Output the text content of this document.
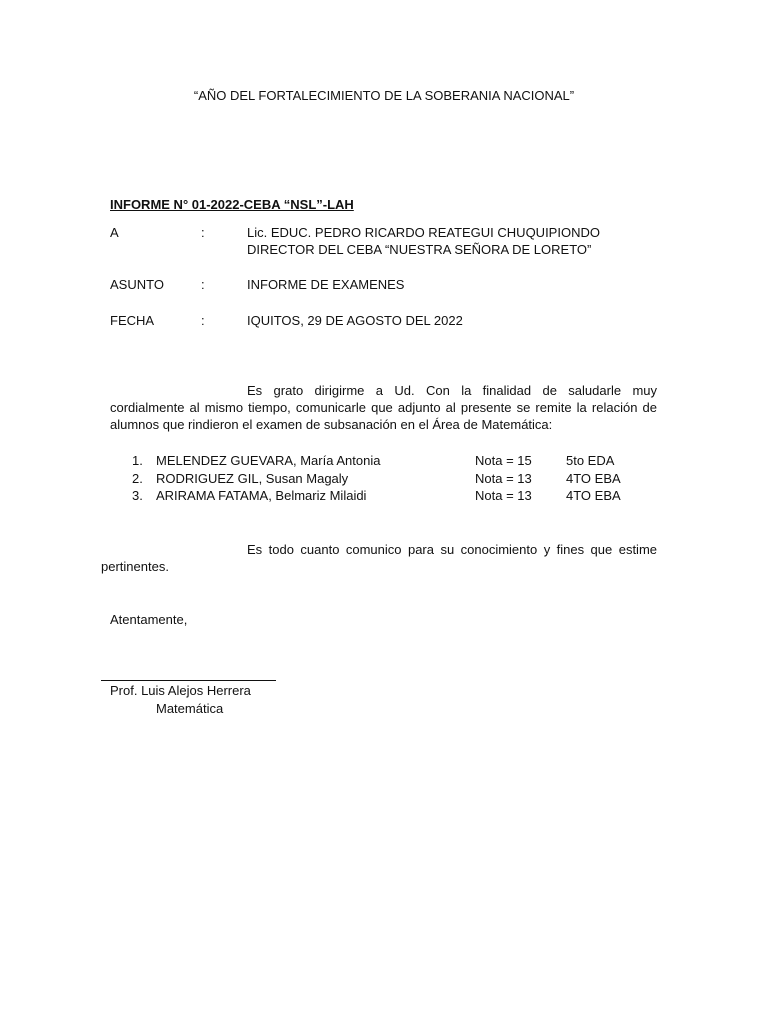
“AÑO DEL FORTALECIMIENTO DE LA SOBERANIA NACIONAL”
INFORME N° 01-2022-CEBA “NSL”-LAH
A	:	Lic. EDUC. PEDRO RICARDO REATEGUI CHUQUIPIONDO
DIRECTOR DEL CEBA “NUESTRA SEÑORA DE LORETO”
ASUNTO	:	INFORME DE EXAMENES
FECHA	:	IQUITOS, 29 DE AGOSTO DEL 2022

Es grato dirigirme a Ud. Con la finalidad de saludarle muy cordialmente al mismo tiempo, comunicarle que adjunto al presente se remite la relación de alumnos que rindieron el examen de subsanación en el Área de Matemática:

1. MELENDEZ GUEVARA, María Antonia	Nota = 15	5to EDA
2. RODRIGUEZ GIL, Susan Magaly	Nota = 13	4TO EBA
3. ARIRAMA FATAMA, Belmariz Milaidi	Nota = 13	4TO EBA

Es todo cuanto comunico para su conocimiento y fines que estime pertinentes.

Atentamente,
Prof. Luis Alejos Herrera
Matemática
